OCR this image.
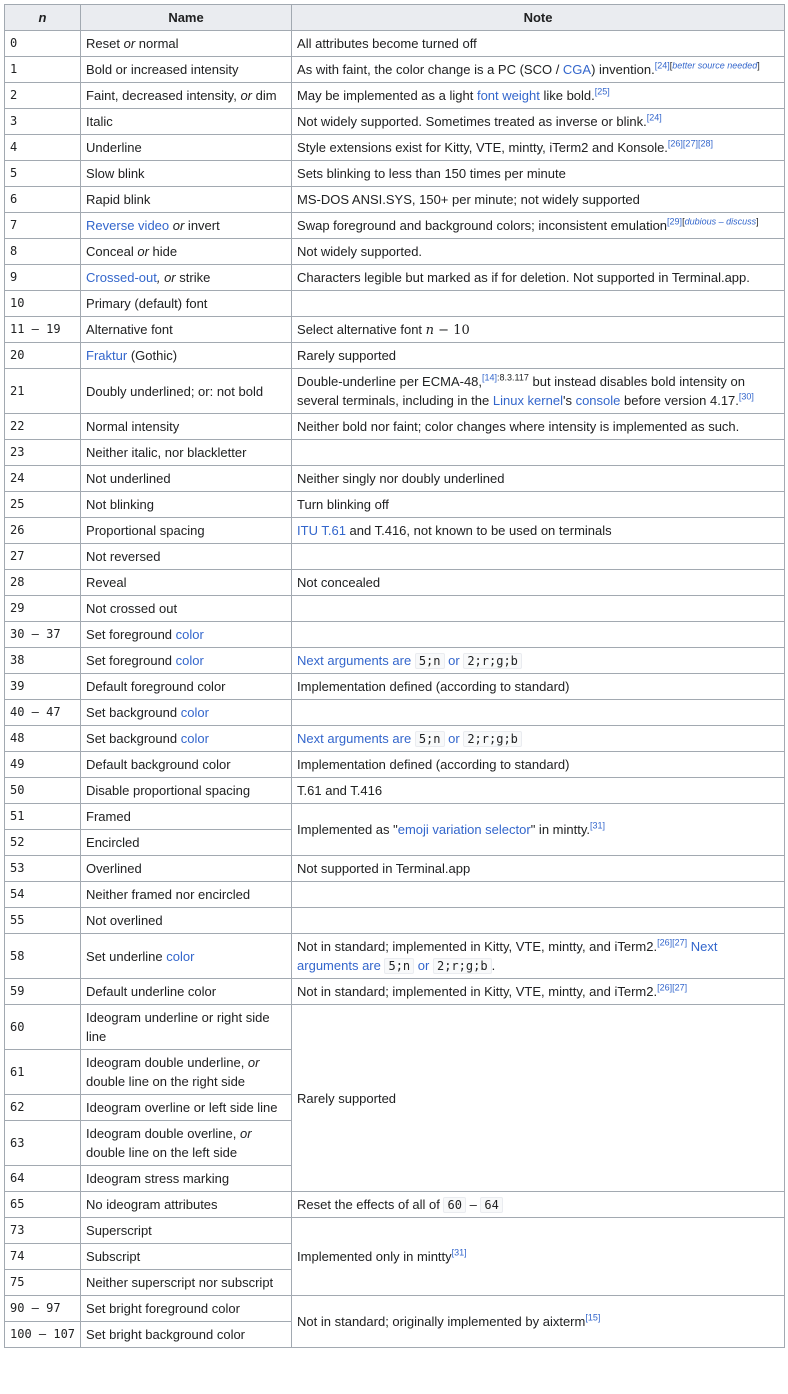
n	Name	Note
0	Reset or normal	All attributes become turned off
1	Bold or increased intensity	As with faint, the color change is a PC (SCO / CGA) invention.[24][better source needed]
2	Faint, decreased intensity, or dim	May be implemented as a light font weight like bold.[25]
3	Italic	Not widely supported. Sometimes treated as inverse or blink.[24]
4	Underline	Style extensions exist for Kitty, VTE, mintty, iTerm2 and Konsole.[26][27][28]
5	Slow blink	Sets blinking to less than 150 times per minute
6	Rapid blink	MS-DOS ANSI.SYS, 150+ per minute; not widely supported
7	Reverse video or invert	Swap foreground and background colors; inconsistent emulation[29][dubious – discuss]
8	Conceal or hide	Not widely supported.
9	Crossed-out, or strike	Characters legible but marked as if for deletion. Not supported in Terminal.app.
10	Primary (default) font	
11 – 19	Alternative font	Select alternative font n − 10
20	Fraktur (Gothic)	Rarely supported
21	Doubly underlined; or: not bold	Double-underline per ECMA-48,$^{[14]:8.3.117}$ but instead disables bold intensity on several terminals, including in the Linux kernel's console before version 4.17.[30]
22	Normal intensity	Neither bold nor faint; color changes where intensity is implemented as such.
23	Neither italic, nor blackletter	
24	Not underlined	Neither singly nor doubly underlined
25	Not blinking	Turn blinking off
26	Proportional spacing	ITU T.61 and T.416, not known to be used on terminals
27	Not reversed	
28	Reveal	Not concealed
29	Not crossed out	
30 – 37	Set foreground color	
38	Set foreground color	Next arguments are 5;n or 2;r;g;b
39	Default foreground color	Implementation defined (according to standard)
40 – 47	Set background color	
48	Set background color	Next arguments are 5;n or 2;r;g;b
49	Default background color	Implementation defined (according to standard)
50	Disable proportional spacing	T.61 and T.416
51	Framed	Implemented as "emoji variation selector" in mintty.[31]
52	Encircled	
53	Overlined	Not supported in Terminal.app
54	Neither framed nor encircled	
55	Not overlined	
58	Set underline color	Not in standard; implemented in Kitty, VTE, mintty, and iTerm2.[26][27] Next arguments are 5;n or 2;r;g;b .
59	Default underline color	Not in standard; implemented in Kitty, VTE, mintty, and iTerm2.[26][27]
60	Ideogram underline or right side line	Rarely supported
61	Ideogram double underline, or double line on the right side	
62	Ideogram overline or left side line	
63	Ideogram double overline, or double line on the left side	
64	Ideogram stress marking	
65	No ideogram attributes	Reset the effects of all of 60 – 64
73	Superscript	Implemented only in mintty[31]
74	Subscript	
75	Neither superscript nor subscript	
90 – 97	Set bright foreground color	Not in standard; originally implemented by aixterm[15]
100 – 107	Set bright background color	
